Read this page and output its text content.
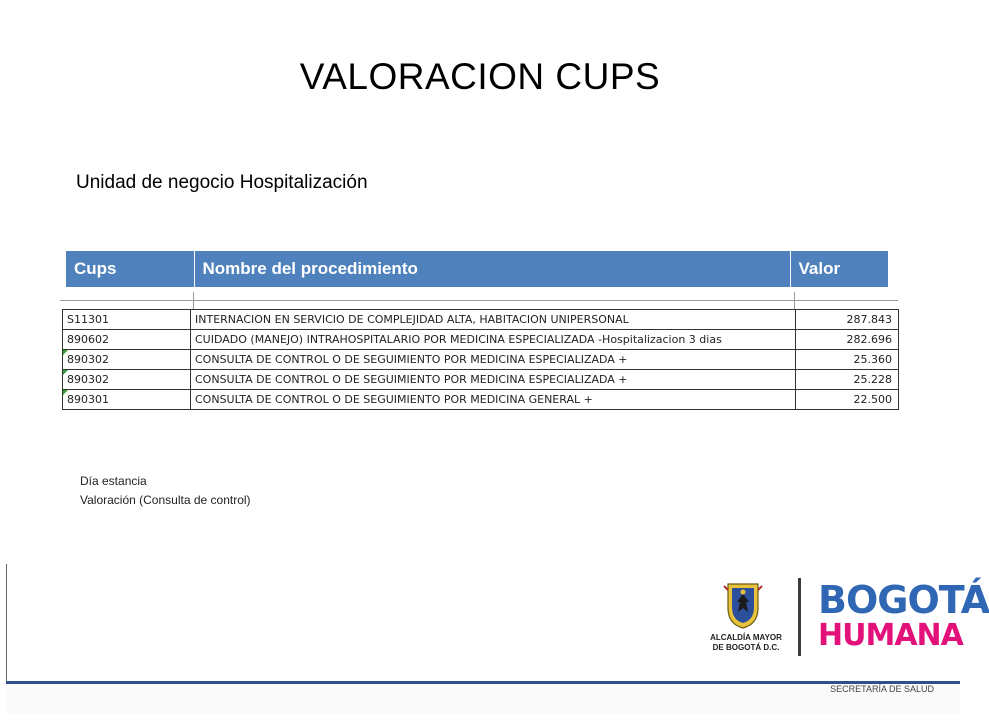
VALORACION CUPS
Unidad de negocio Hospitalización
Cups	Nombre del procedimiento	Valor
S11301	INTERNACION EN SERVICIO DE COMPLEJIDAD ALTA, HABITACION UNIPERSONAL	287.843
890602	CUIDADO (MANEJO) INTRAHOSPITALARIO POR MEDICINA ESPECIALIZADA -Hospitalizacion 3 dias	282.696

890302	CONSULTA DE CONTROL O DE SEGUIMIENTO POR MEDICINA ESPECIALIZADA +	25.360

890302	CONSULTA DE CONTROL O DE SEGUIMIENTO POR MEDICINA ESPECIALIZADA +	25.228

890301	CONSULTA DE CONTROL O DE SEGUIMIENTO POR MEDICINA GENERAL +	22.500
Día estancia
Valoración (Consulta de control)
ALCALDÍA MAYOR
DE BOGOTÁ D.C.
BOGOTÁ
HUMANA
SECRETARÍA DE SALUD
